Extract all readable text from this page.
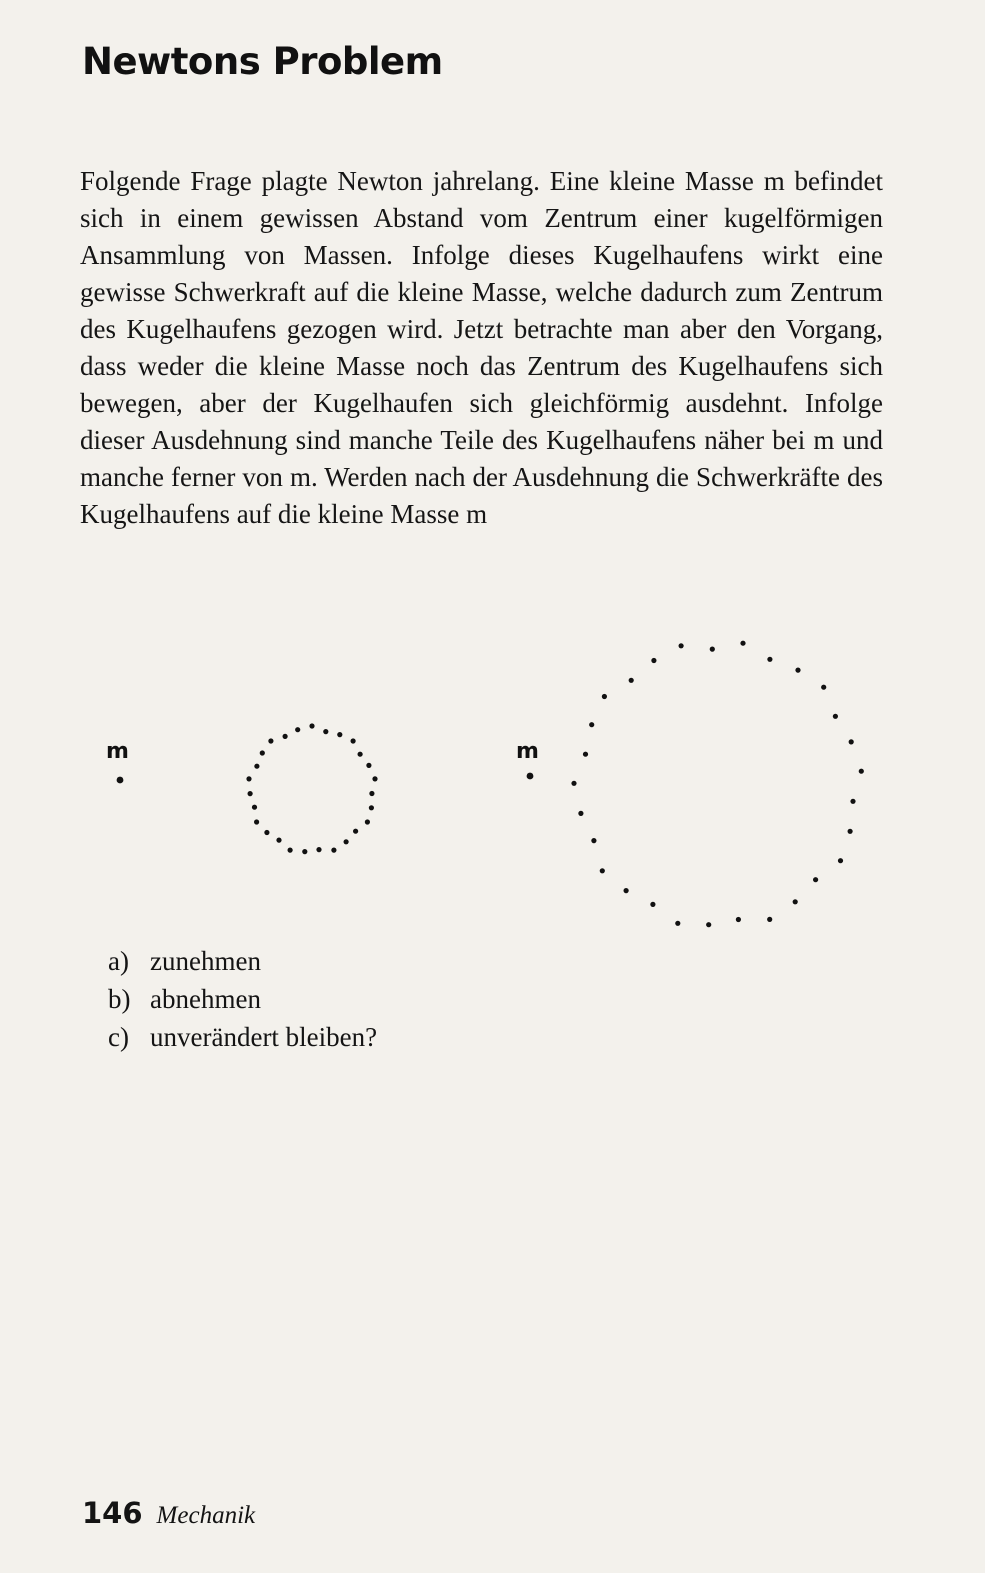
Newtons Problem

Folgende Frage plagte Newton jahrelang. Eine kleine Masse m befindet sich in einem gewissen Abstand vom Zentrum einer kugelförmigen Ansammlung von Massen. Infolge dieses Kugelhaufens wirkt eine gewisse Schwerkraft auf die kleine Masse, welche dadurch zum Zentrum des Kugelhaufens gezogen wird. Jetzt betrachte man aber den Vorgang, dass weder die kleine Masse noch das Zentrum des Kugelhaufens sich bewegen, aber der Kugelhaufen sich gleichförmig ausdehnt. Infolge dieser Ausdehnung sind manche Teile des Kugelhaufens näher bei m und manche ferner von m. Werden nach der Ausdehnung die Schwerkräfte des Kugelhaufens auf die kleine Masse m

m	m
a) zunehmen
b) abnehmen
c) unverändert bleiben?
146 Mechanik
